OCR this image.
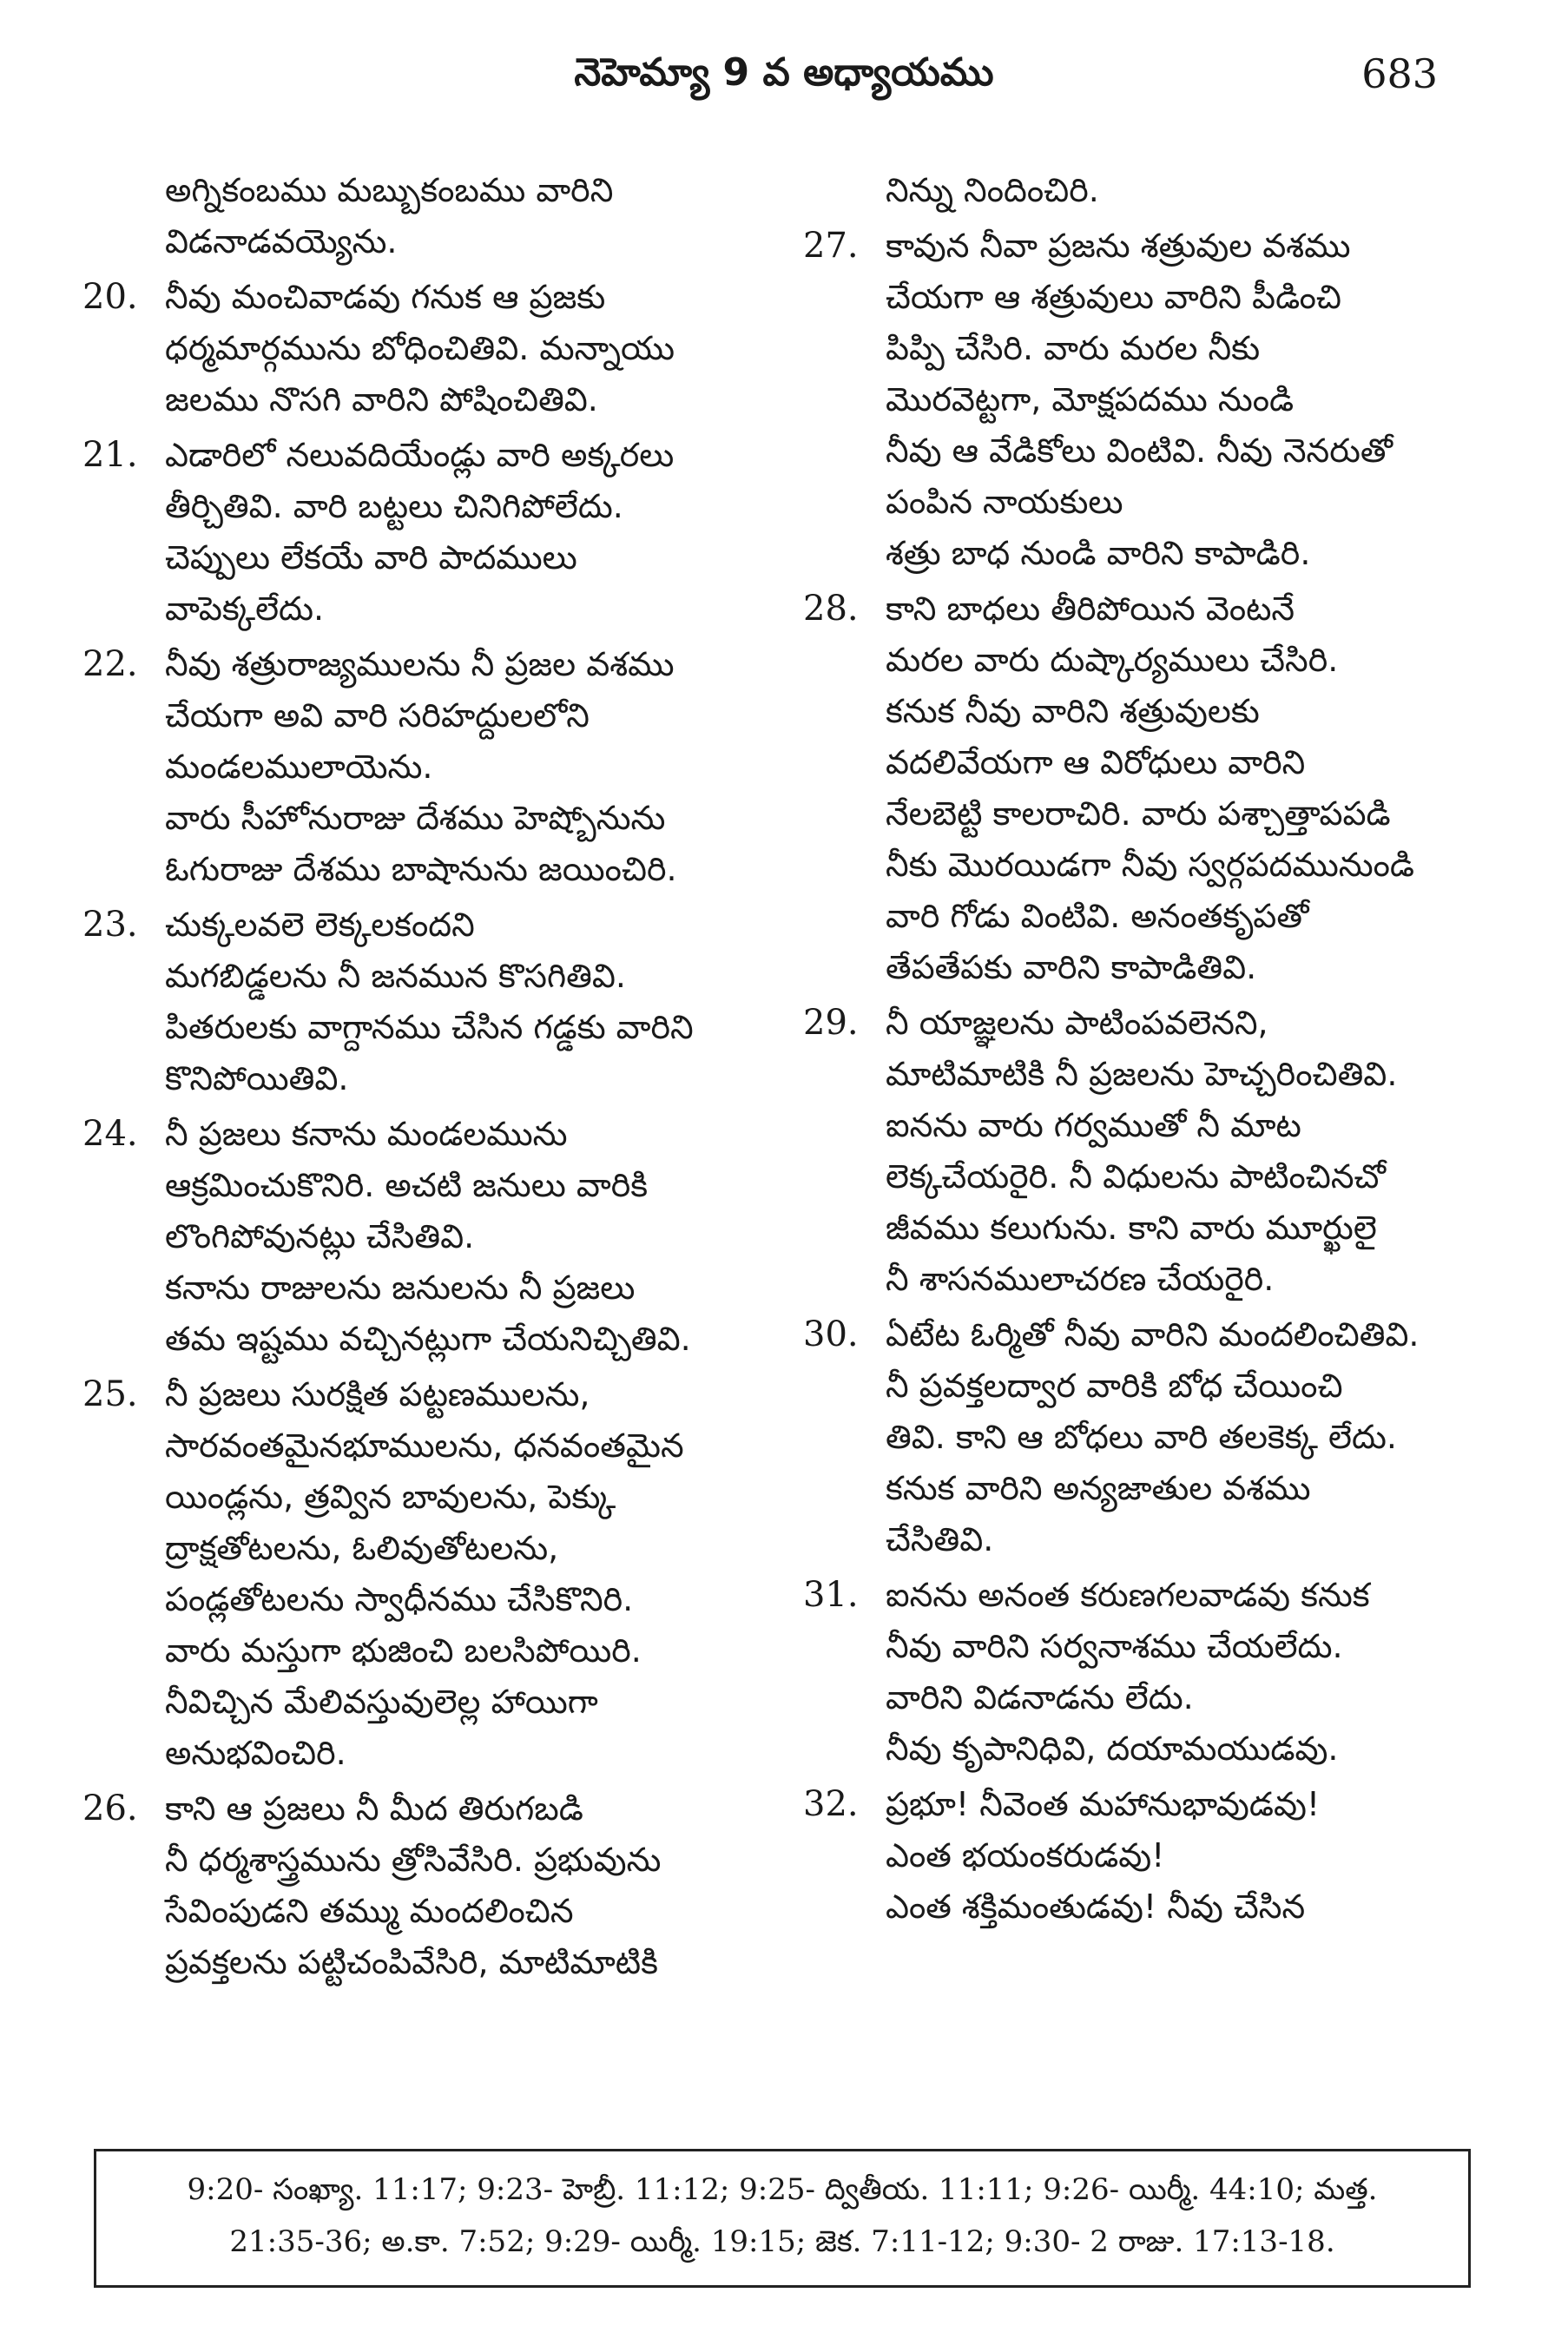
నెహెమ్యా 9 వ అధ్యాయము	683
అగ్నికంబము మబ్బుకంబము వారిని
విడనాడవయ్యెను.
20. నీవు మంచివాడవు గనుక ఆ ప్రజకు
ధర్మమార్గమును బోధించితివి. మన్నాయు
జలము నొసగి వారిని పోషించితివి.
21. ఎడారిలో నలువదియేండ్లు వారి అక్కరలు
తీర్చితివి. వారి బట్టలు చినిగిపోలేదు.
చెప్పులు లేకయే వారి పాదములు
వాపెక్కలేదు.
22. నీవు శత్రురాజ్యములను నీ ప్రజల వశము
చేయగా అవి వారి సరిహద్దులలోని
మండలములాయెను.
వారు సీహోనురాజు దేశము హెష్బోనును
ఓగురాజు దేశము బాషానును జయించిరి.
23. చుక్కలవలె లెక్కలకందని
మగబిడ్డలను నీ జనమున కొసగితివి.
పితరులకు వాగ్దానము చేసిన గడ్డకు వారిని
కొనిపోయితివి.
24. నీ ప్రజలు కనాను మండలమును
ఆక్రమించుకొనిరి. అచటి జనులు వారికి
లొంగిపోవునట్లు చేసితివి.
కనాను రాజులను జనులను నీ ప్రజలు
తమ ఇష్టము వచ్చినట్లుగా చేయనిచ్చితివి.
25. నీ ప్రజలు సురక్షిత పట్టణములను,
సారవంతమైనభూములను, ధనవంతమైన
యిండ్లను, త్రవ్విన బావులను, పెక్కు
ద్రాక్షతోటలను, ఓలివుతోటలను,
పండ్లతోటలను స్వాధీనము చేసికొనిరి.
వారు మస్తుగా భుజించి బలసిపోయిరి.
నీవిచ్చిన మేలివస్తువులెల్ల హాయిగా
అనుభవించిరి.
26. కాని ఆ ప్రజలు నీ మీద తిరుగబడి
నీ ధర్మశాస్త్రమును త్రోసివేసిరి. ప్రభువును
సేవింపుడని తమ్ము మందలించిన
ప్రవక్తలను పట్టిచంపివేసిరి, మాటిమాటికి
నిన్ను నిందించిరి.
27. కావున నీవా ప్రజను శత్రువుల వశము
చేయగా ఆ శత్రువులు వారిని పీడించి
పిప్పి చేసిరి. వారు మరల నీకు
మొరవెట్టగా, మోక్షపదము నుండి
నీవు ఆ వేడికోలు వింటివి. నీవు నెనరుతో
పంపిన నాయకులు
శత్రు బాధ నుండి వారిని కాపాడిరి.
28. కాని బాధలు తీరిపోయిన వెంటనే
మరల వారు దుష్కార్యములు చేసిరి.
కనుక నీవు వారిని శత్రువులకు
వదలివేయగా ఆ విరోధులు వారిని
నేలబెట్టి కాలరాచిరి. వారు పశ్చాత్తాపపడి
నీకు మొరయిడగా నీవు స్వర్గపదమునుండి
వారి గోడు వింటివి. అనంతకృపతో
తేపతేపకు వారిని కాపాడితివి.
29. నీ యాజ్ఞలను పాటింపవలెనని,
మాటిమాటికి నీ ప్రజలను హెచ్చరించితివి.
ఐనను వారు గర్వముతో నీ మాట
లెక్కచేయరైరి. నీ విధులను పాటించినచో
జీవము కలుగును. కాని వారు మూర్ఖులై
నీ శాసనములాచరణ చేయరైరి.
30. ఏటేట ఓర్మితో నీవు వారిని మందలించితివి.
నీ ప్రవక్తలద్వార వారికి బోధ చేయించి
తివి. కాని ఆ బోధలు వారి తలకెక్క లేదు.
కనుక వారిని అన్యజాతుల వశము
చేసితివి.
31. ఐనను అనంత కరుణగలవాడవు కనుక
నీవు వారిని సర్వనాశము చేయలేదు.
వారిని విడనాడను లేదు.
నీవు కృపానిధివి, దయామయుడవు.
32. ప్రభూ! నీవెంత మహానుభావుడవు!
ఎంత భయంకరుడవు!
ఎంత శక్తిమంతుడవు! నీవు చేసిన
9:20- సంఖ్యా. 11:17; 9:23- హెబ్రీ. 11:12; 9:25- ద్వితీయ. 11:11; 9:26- యిర్మీ. 44:10; మత్త.
21:35-36; అ.కా. 7:52; 9:29- యిర్మీ. 19:15; జెక. 7:11-12; 9:30- 2 రాజు. 17:13-18.
